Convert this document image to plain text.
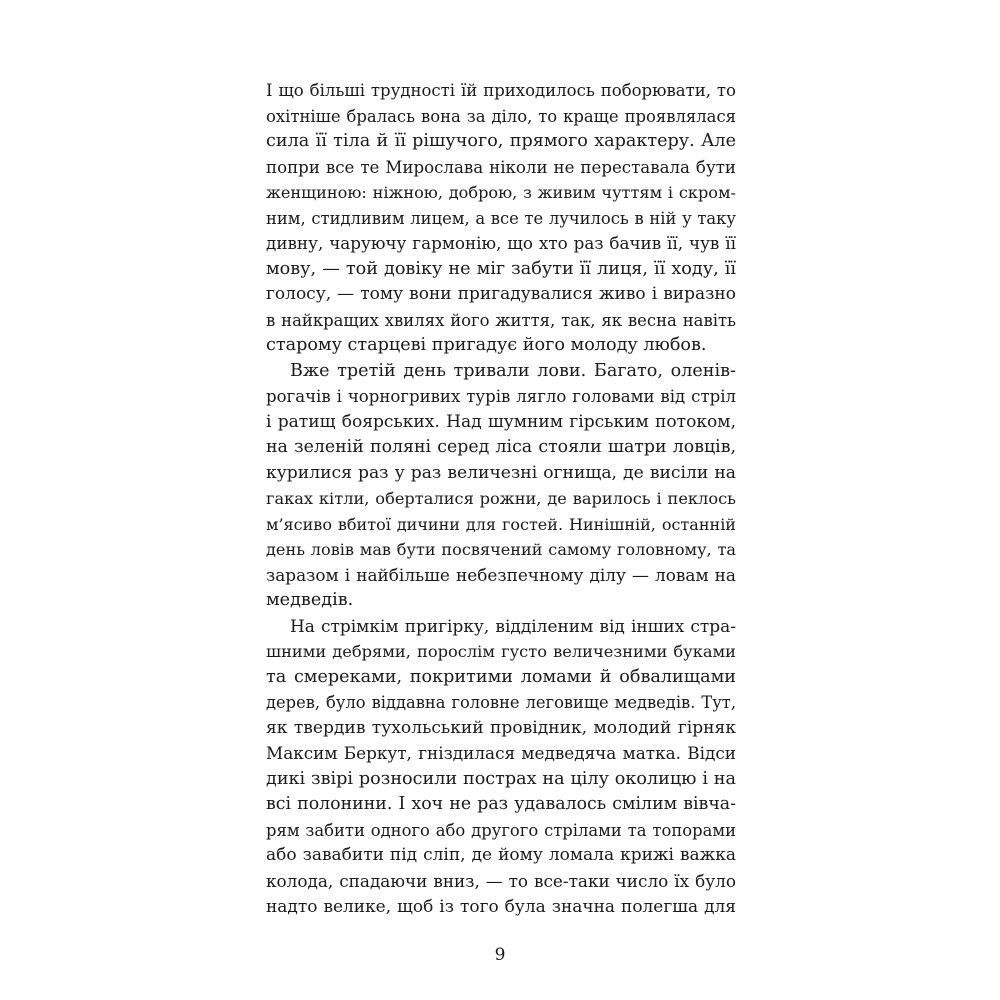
I що більші трудності їй приходилось поборювати, то
охітніше бралась вона за діло, то краще проявлялася
сила її тіла й її рішучого, прямого характеру. Але
попри все те Мирослава ніколи не переставала бути
женщиною: ніжною, доброю, з живим чуттям і скром-
ним, стидливим лицем, а все те лучилось в ній у таку
дивну, чаруючу гармонію, що хто раз бачив її, чув її
мову, — той довіку не міг забути її лиця, її ходу, її
голосу, — тому вони пригадувалися живо і виразно
в найкращих хвилях його життя, так, як весна навіть
старому старцеві пригадує його молоду любов.
Вже третій день тривали лови. Багато, оленів-
рогачів і чорногривих турів лягло головами від стріл
і ратищ боярських. Над шумним гірським потоком,
на зеленій поляні серед ліса стояли шатри ловців,
курилися раз у раз величезні огнища, де висіли на
гаках кітли, оберталися рожни, де варилось і пеклось
м’ясиво вбитої дичини для гостей. Нинішній, останній
день ловів мав бути посвячений самому головному, та
заразом і найбільше небезпечному ділу — ловам на
медведів.
На стрімкім пригірку, відділеним від інших стра-
шними дебрями, порослім густо величезними буками
та смереками, покритими ломами й обвалищами
дерев, було віддавна головне леговище медведів. Тут,
як твердив тухольський провідник, молодий гірняк
Максим Беркут, гніздилася медведяча матка. Відси
дикі звірі розносили пострах на цілу околицю і на
всі полонини. І хоч не раз удавалось смілим вівча-
рям забити одного або другого стрілами та топорами
або завабити під сліп, де йому ломала крижі важка
колода, спадаючи вниз, — то все-таки число їх було
надто велике, щоб із того була значна полегша для
9
